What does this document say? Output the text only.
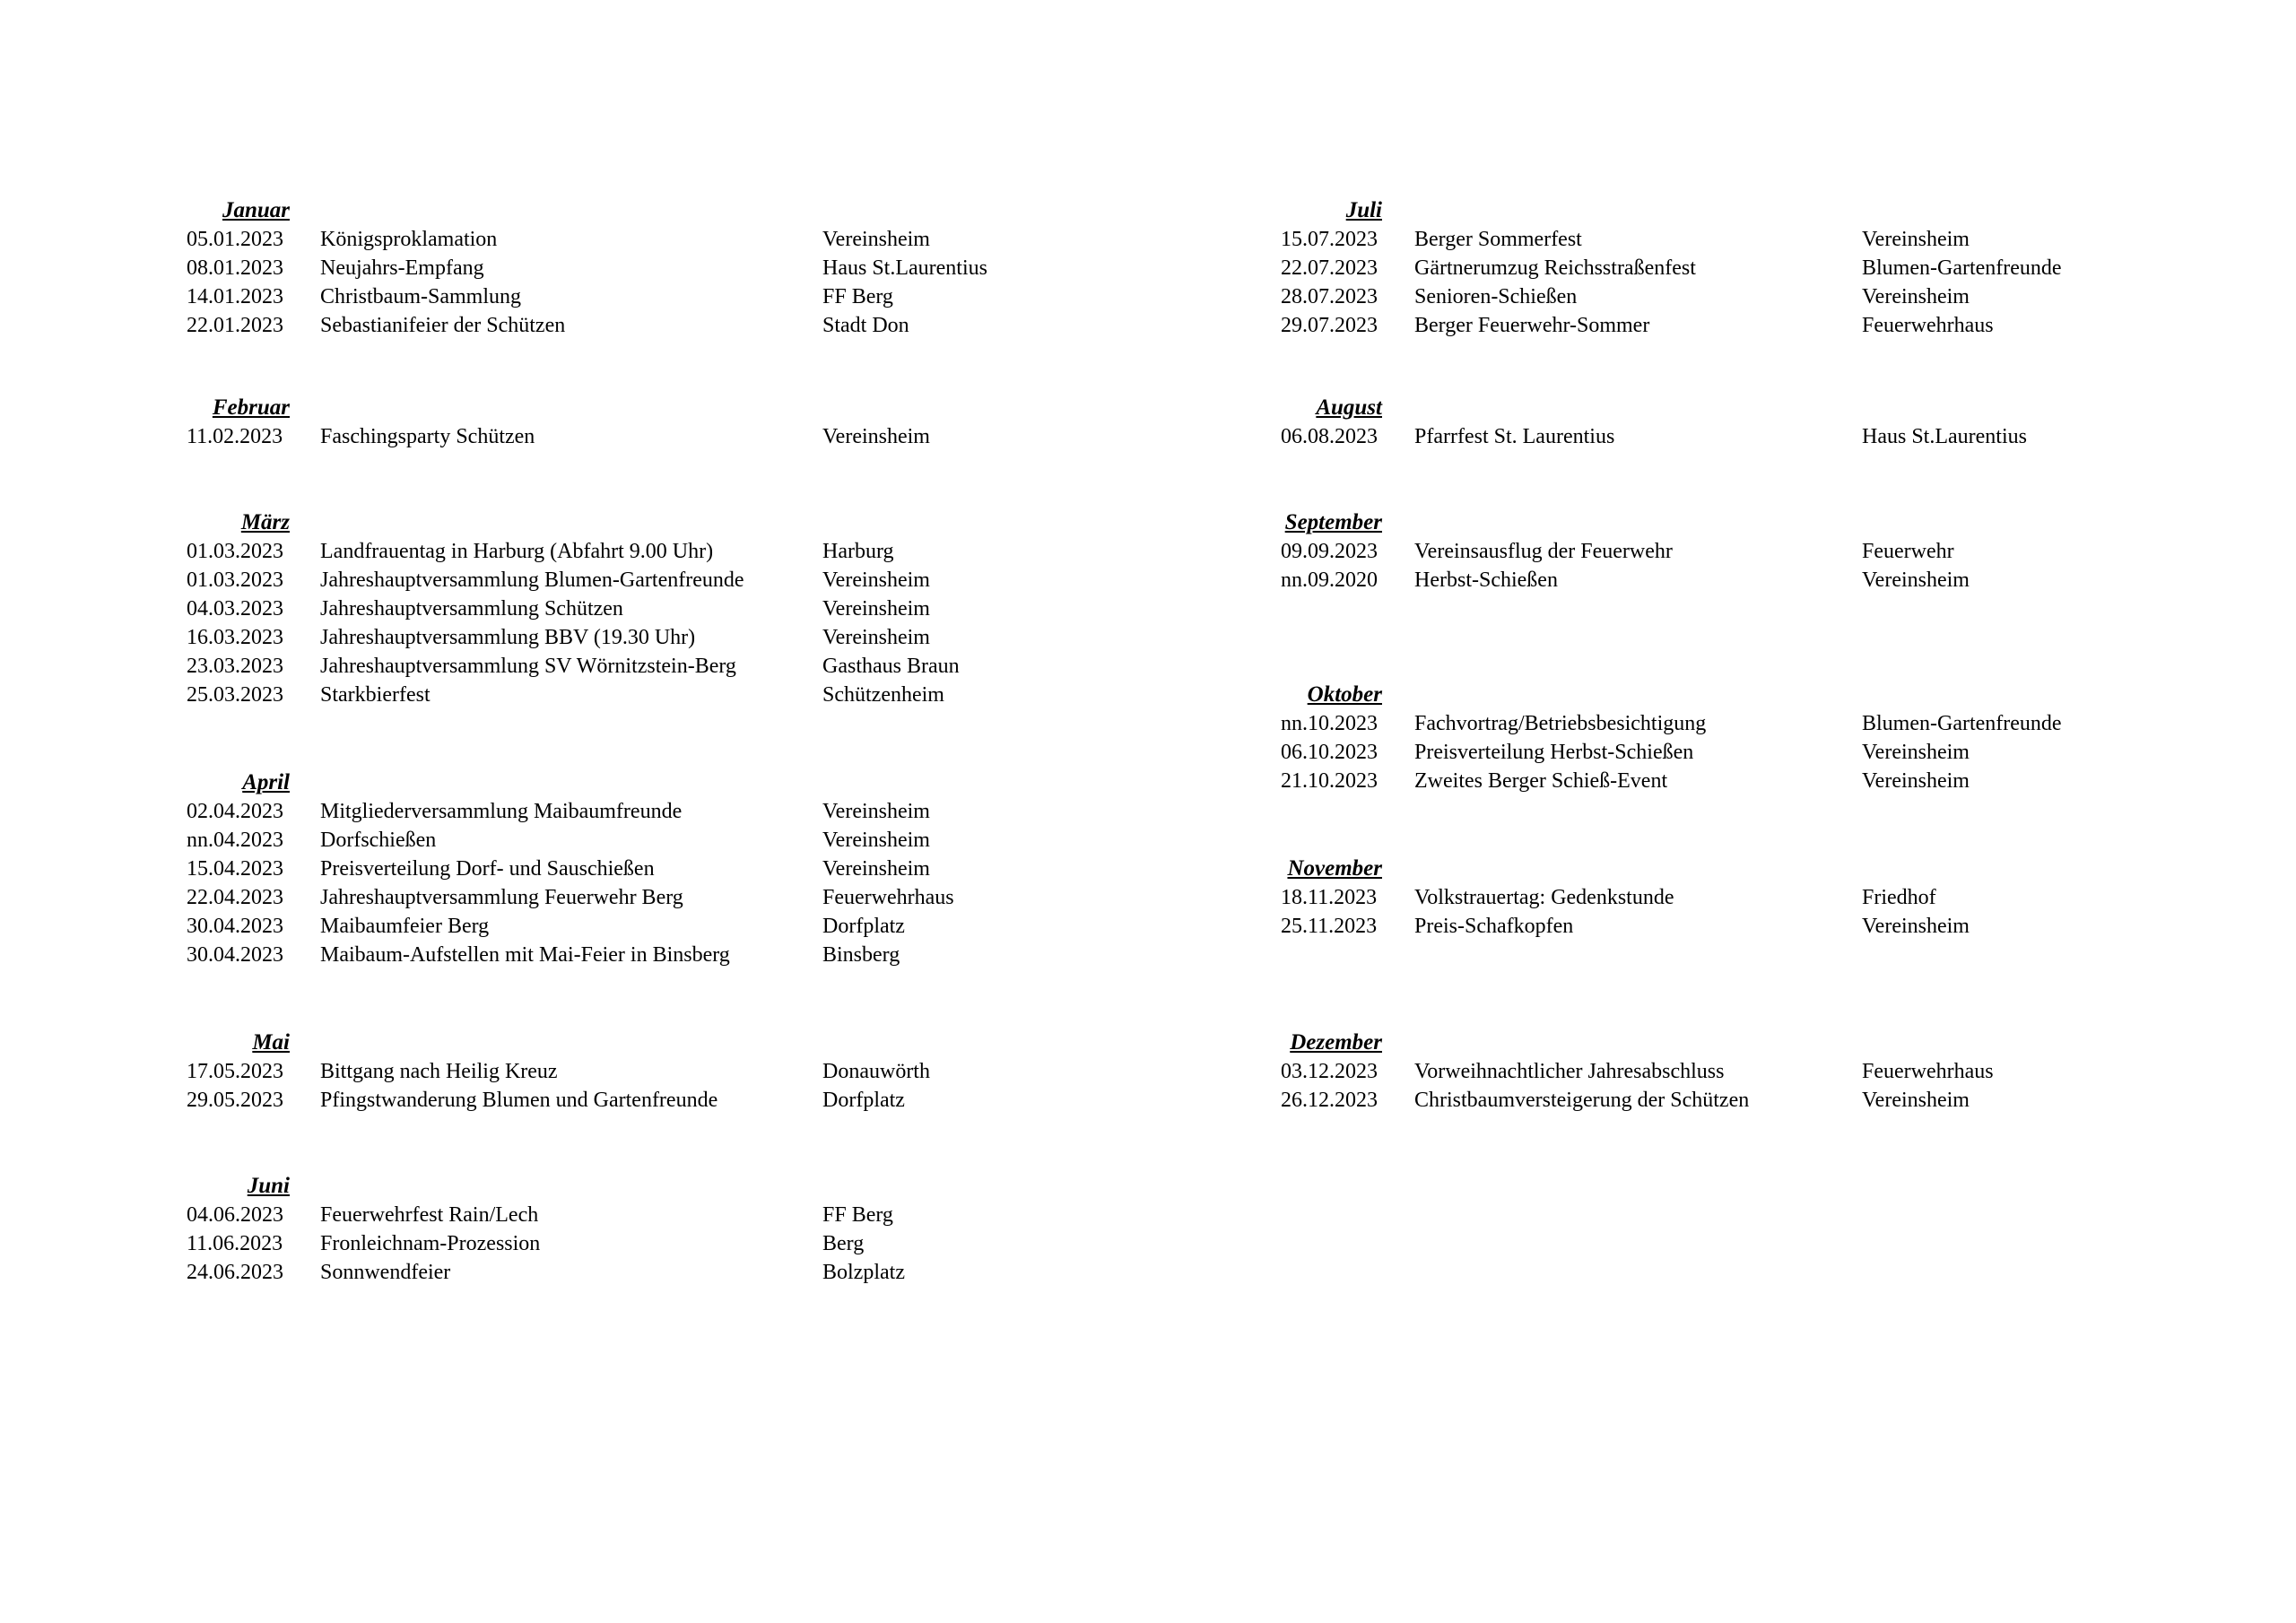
Januar
05.01.2023 Königsproklamation	Vereinsheim
08.01.2023 Neujahrs-Empfang	Haus St.Laurentius
14.01.2023 Christbaum-Sammlung	FF Berg
22.01.2023 Sebastianifeier der Schützen	Stadt Don
Februar
11.02.2023 Faschingsparty Schützen	Vereinsheim
März
01.03.2023 Landfrauentag in Harburg (Abfahrt 9.00 Uhr)	Harburg
01.03.2023 Jahreshauptversammlung Blumen-Gartenfreunde	Vereinsheim
04.03.2023 Jahreshauptversammlung Schützen	Vereinsheim
16.03.2023 Jahreshauptversammlung BBV (19.30 Uhr)	Vereinsheim
23.03.2023 Jahreshauptversammlung SV Wörnitzstein-Berg	Gasthaus Braun
25.03.2023 Starkbierfest	Schützenheim
April
02.04.2023 Mitgliederversammlung Maibaumfreunde	Vereinsheim
nn.04.2023 Dorfschießen	Vereinsheim
15.04.2023 Preisverteilung Dorf- und Sauschießen	Vereinsheim
22.04.2023 Jahreshauptversammlung Feuerwehr Berg	Feuerwehrhaus
30.04.2023 Maibaumfeier Berg	Dorfplatz
30.04.2023 Maibaum-Aufstellen mit Mai-Feier in Binsberg	Binsberg
Mai
17.05.2023 Bittgang nach Heilig Kreuz	Donauwörth
29.05.2023 Pfingstwanderung Blumen und Gartenfreunde	Dorfplatz
Juni
04.06.2023 Feuerwehrfest Rain/Lech	FF Berg
11.06.2023 Fronleichnam-Prozession	Berg
24.06.2023 Sonnwendfeier	Bolzplatz
Juli
15.07.2023 Berger Sommerfest	Vereinsheim
22.07.2023 Gärtnerumzug Reichsstraßenfest	Blumen-Gartenfreunde
28.07.2023 Senioren-Schießen	Vereinsheim
29.07.2023 Berger Feuerwehr-Sommer	Feuerwehrhaus
August
06.08.2023 Pfarrfest St. Laurentius	Haus St.Laurentius
September
09.09.2023 Vereinsausflug der Feuerwehr	Feuerwehr
nn.09.2020 Herbst-Schießen	Vereinsheim
Oktober
nn.10.2023 Fachvortrag/Betriebsbesichtigung	Blumen-Gartenfreunde
06.10.2023 Preisverteilung Herbst-Schießen	Vereinsheim
21.10.2023 Zweites Berger Schieß-Event	Vereinsheim
November
18.11.2023 Volkstrauertag: Gedenkstunde	Friedhof
25.11.2023 Preis-Schafkopfen	Vereinsheim
Dezember
03.12.2023 Vorweihnachtlicher Jahresabschluss	Feuerwehrhaus
26.12.2023 Christbaumversteigerung der Schützen	Vereinsheim
